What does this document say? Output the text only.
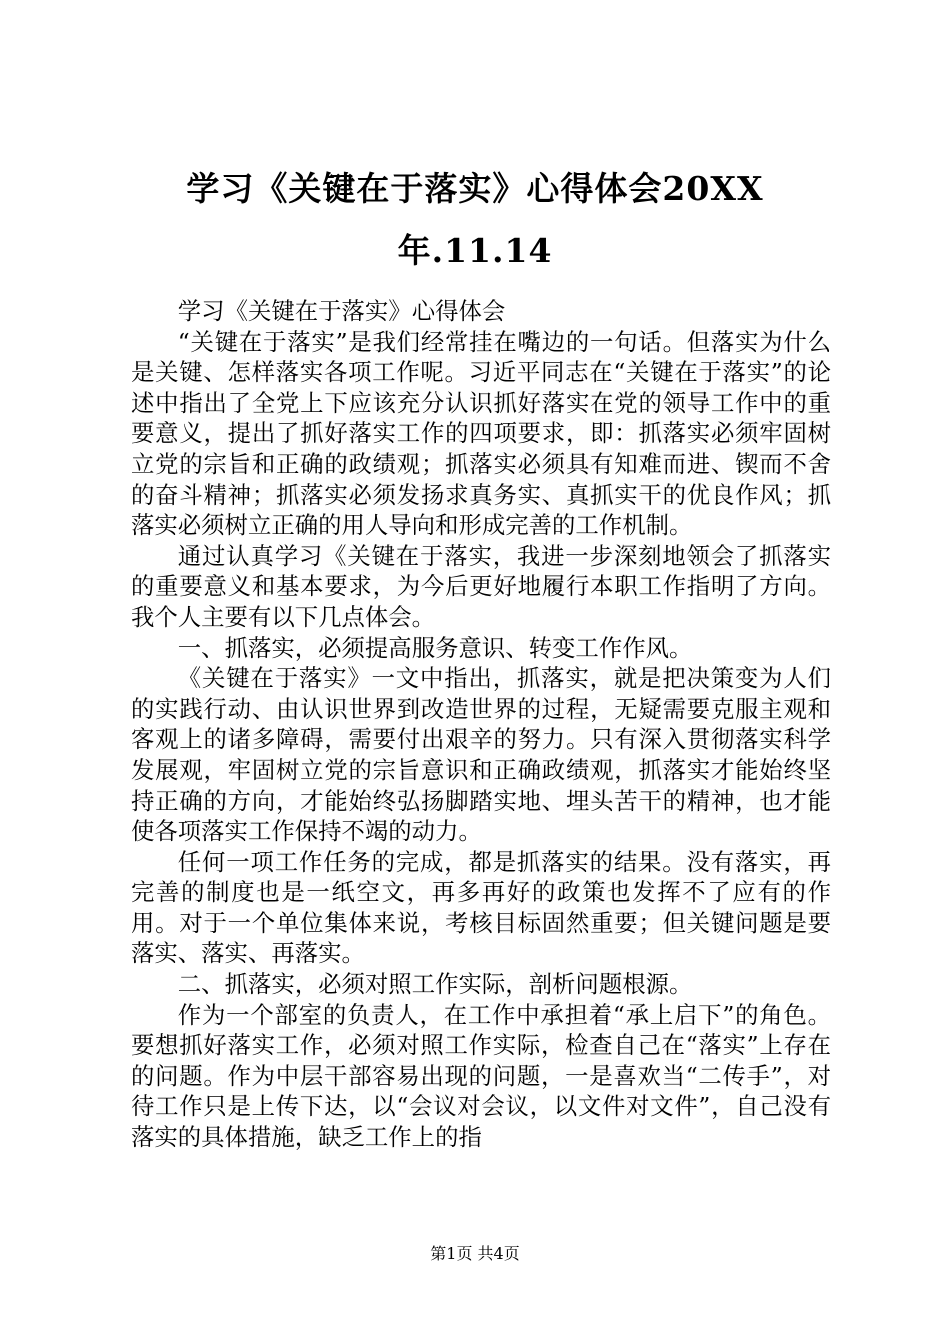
学习《关键在于落实》心得体会20XX年.11.14

学习《关键在于落实》心得体会

“关键在于落实”是我们经常挂在嘴边的一句话。但落实为什么是关键、怎样落实各项工作呢。习近平同志在“关键在于落实”的论述中指出了全党上下应该充分认识抓好落实在党的领导工作中的重要意义，提出了抓好落实工作的四项要求，即：抓落实必须牢固树立党的宗旨和正确的政绩观；抓落实必须具有知难而进、锲而不舍的奋斗精神；抓落实必须发扬求真务实、真抓实干的优良作风；抓落实必须树立正确的用人导向和形成完善的工作机制。

通过认真学习《关键在于落实，我进一步深刻地领会了抓落实的重要意义和基本要求，为今后更好地履行本职工作指明了方向。我个人主要有以下几点体会。

一、抓落实，必须提高服务意识、转变工作作风。

《关键在于落实》一文中指出，抓落实，就是把决策变为人们的实践行动、由认识世界到改造世界的过程，无疑需要克服主观和客观上的诸多障碍，需要付出艰辛的努力。只有深入贯彻落实科学发展观，牢固树立党的宗旨意识和正确政绩观，抓落实才能始终坚持正确的方向，才能始终弘扬脚踏实地、埋头苦干的精神，也才能使各项落实工作保持不竭的动力。

任何一项工作任务的完成，都是抓落实的结果。没有落实，再完善的制度也是一纸空文，再多再好的政策也发挥不了应有的作用。对于一个单位集体来说，考核目标固然重要；但关键问题是要落实、落实、再落实。

二、抓落实，必须对照工作实际，剖析问题根源。

作为一个部室的负责人，在工作中承担着“承上启下”的角色。要想抓好落实工作，必须对照工作实际，检查自己在“落实”上存在的问题。作为中层干部容易出现的问题，一是喜欢当“二传手”，对待工作只是上传下达，以“会议对会议，以文件对文件”，自己没有落实的具体措施，缺乏工作上的指

第1页 共4页
